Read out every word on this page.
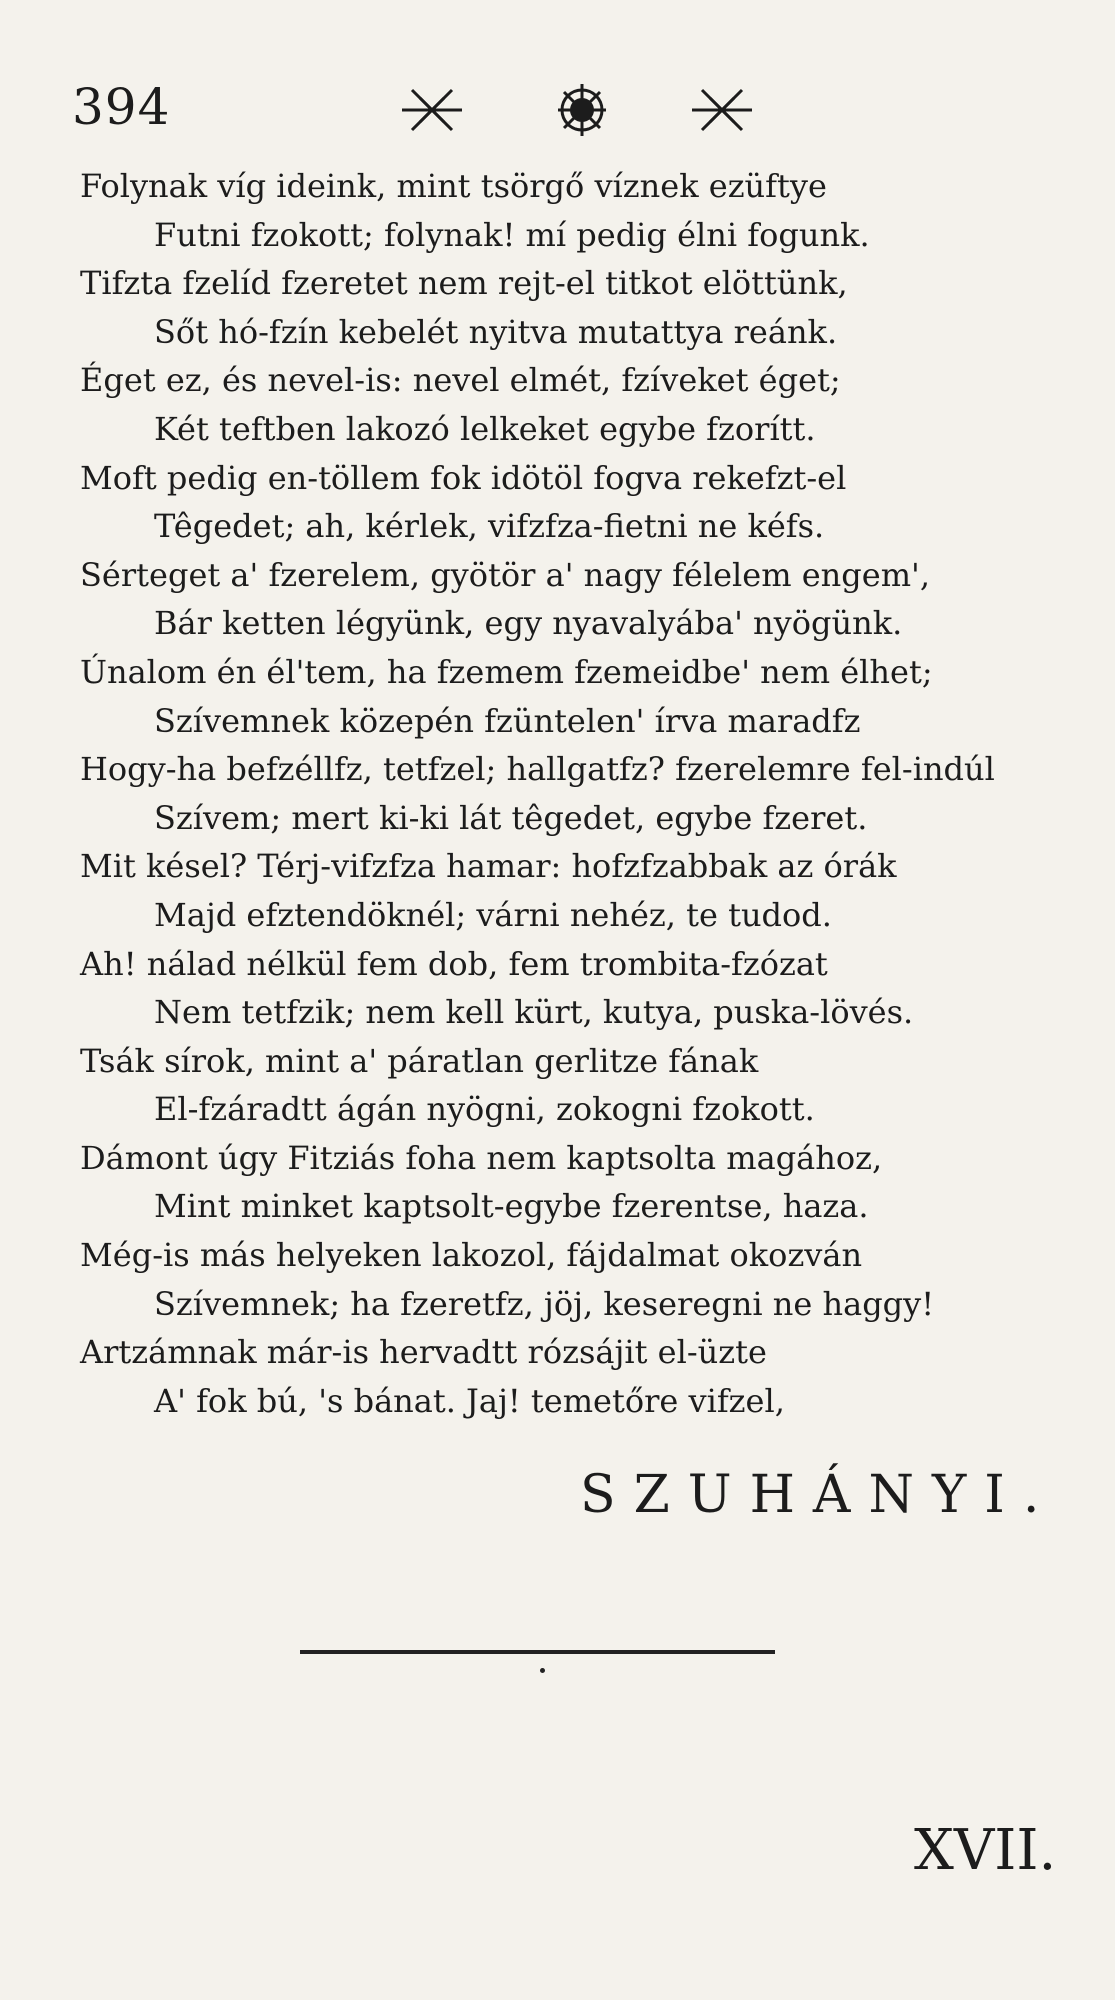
394
Folynak víg ideink, mint tsörgő víznek ezüftye
Futni fzokott; folynak! mí pedig élni fogunk.
Tifzta fzelíd fzeretet nem rejt-el titkot elöttünk,
Sőt hó-fzín kebelét nyitva mutattya reánk.
Éget ez, és nevel-is: nevel elmét, fzíveket éget;
Két teftben lakozó lelkeket egybe fzorítt.
Moft pedig en-töllem fok idötöl fogva rekefzt-el
Têgedet; ah, kérlek, vifzfza-fietni ne kéfs.
Sérteget a' fzerelem, gyötör a' nagy félelem engem',
Bár ketten légyünk, egy nyavalyába' nyögünk.
Únalom én él'tem, ha fzemem fzemeidbe' nem élhet;
Szívemnek közepén fzüntelen' írva maradfz
Hogy-ha befzéllfz, tetfzel; hallgatfz? fzerelemre fel-indúl
Szívem; mert ki-ki lát têgedet, egybe fzeret.
Mit késel? Térj-vifzfza hamar: hofzfzabbak az órák
Majd efztendöknél; várni nehéz, te tudod.
Ah! nálad nélkül fem dob, fem trombita-fzózat
Nem tetfzik; nem kell kürt, kutya, puska-lövés.
Tsák sírok, mint a' páratlan gerlitze fának
El-fzáradtt ágán nyögni, zokogni fzokott.
Dámont úgy Fitziás foha nem kaptsolta magához,
Mint minket kaptsolt-egybe fzerentse, haza.
Még-is más helyeken lakozol, fájdalmat okozván
Szívemnek; ha fzeretfz, jöj, keseregni ne haggy!
Artzámnak már-is hervadtt rózsájit el-üzte
A' fok bú, 's bánat. Jaj! temetőre vifzel,
SZUHÁNYI.
XVII.
